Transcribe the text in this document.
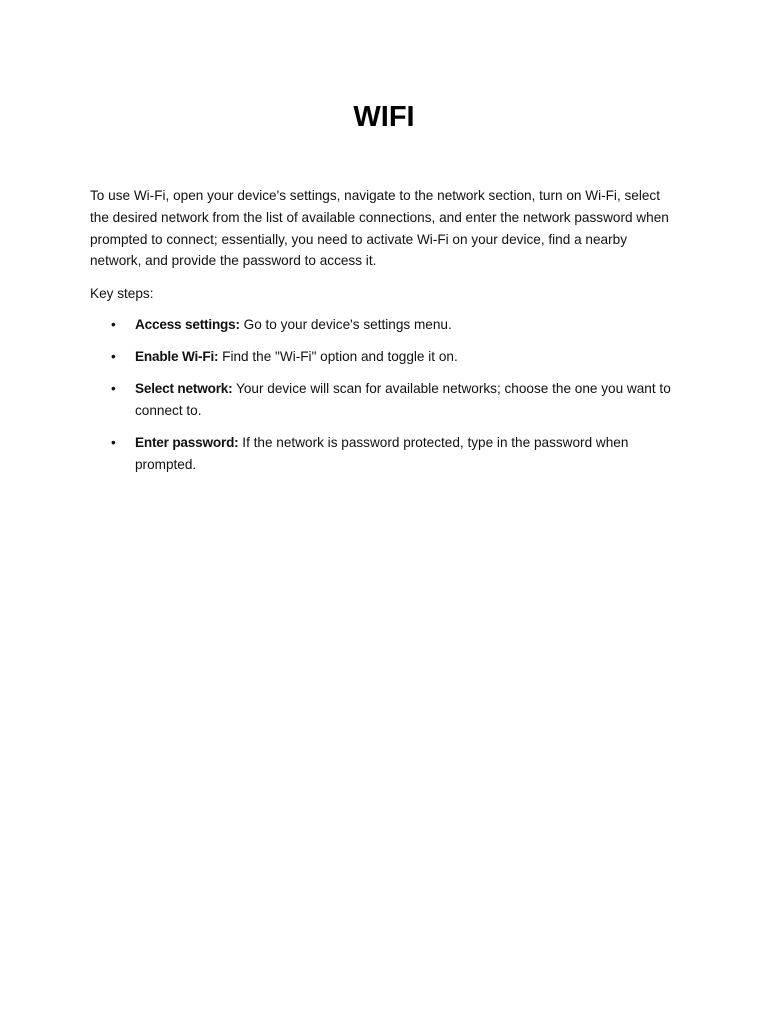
WIFI

To use Wi-Fi, open your device's settings, navigate to the network section, turn on Wi-Fi, select the desired network from the list of available connections, and enter the network password when prompted to connect; essentially, you need to activate Wi-Fi on your device, find a nearby network, and provide the password to access it.

Key steps:

• Access settings: Go to your device's settings menu.
• Enable Wi-Fi: Find the "Wi-Fi" option and toggle it on.
• Select network: Your device will scan for available networks; choose the one you want to connect to.
• Enter password: If the network is password protected, type in the password when prompted.
